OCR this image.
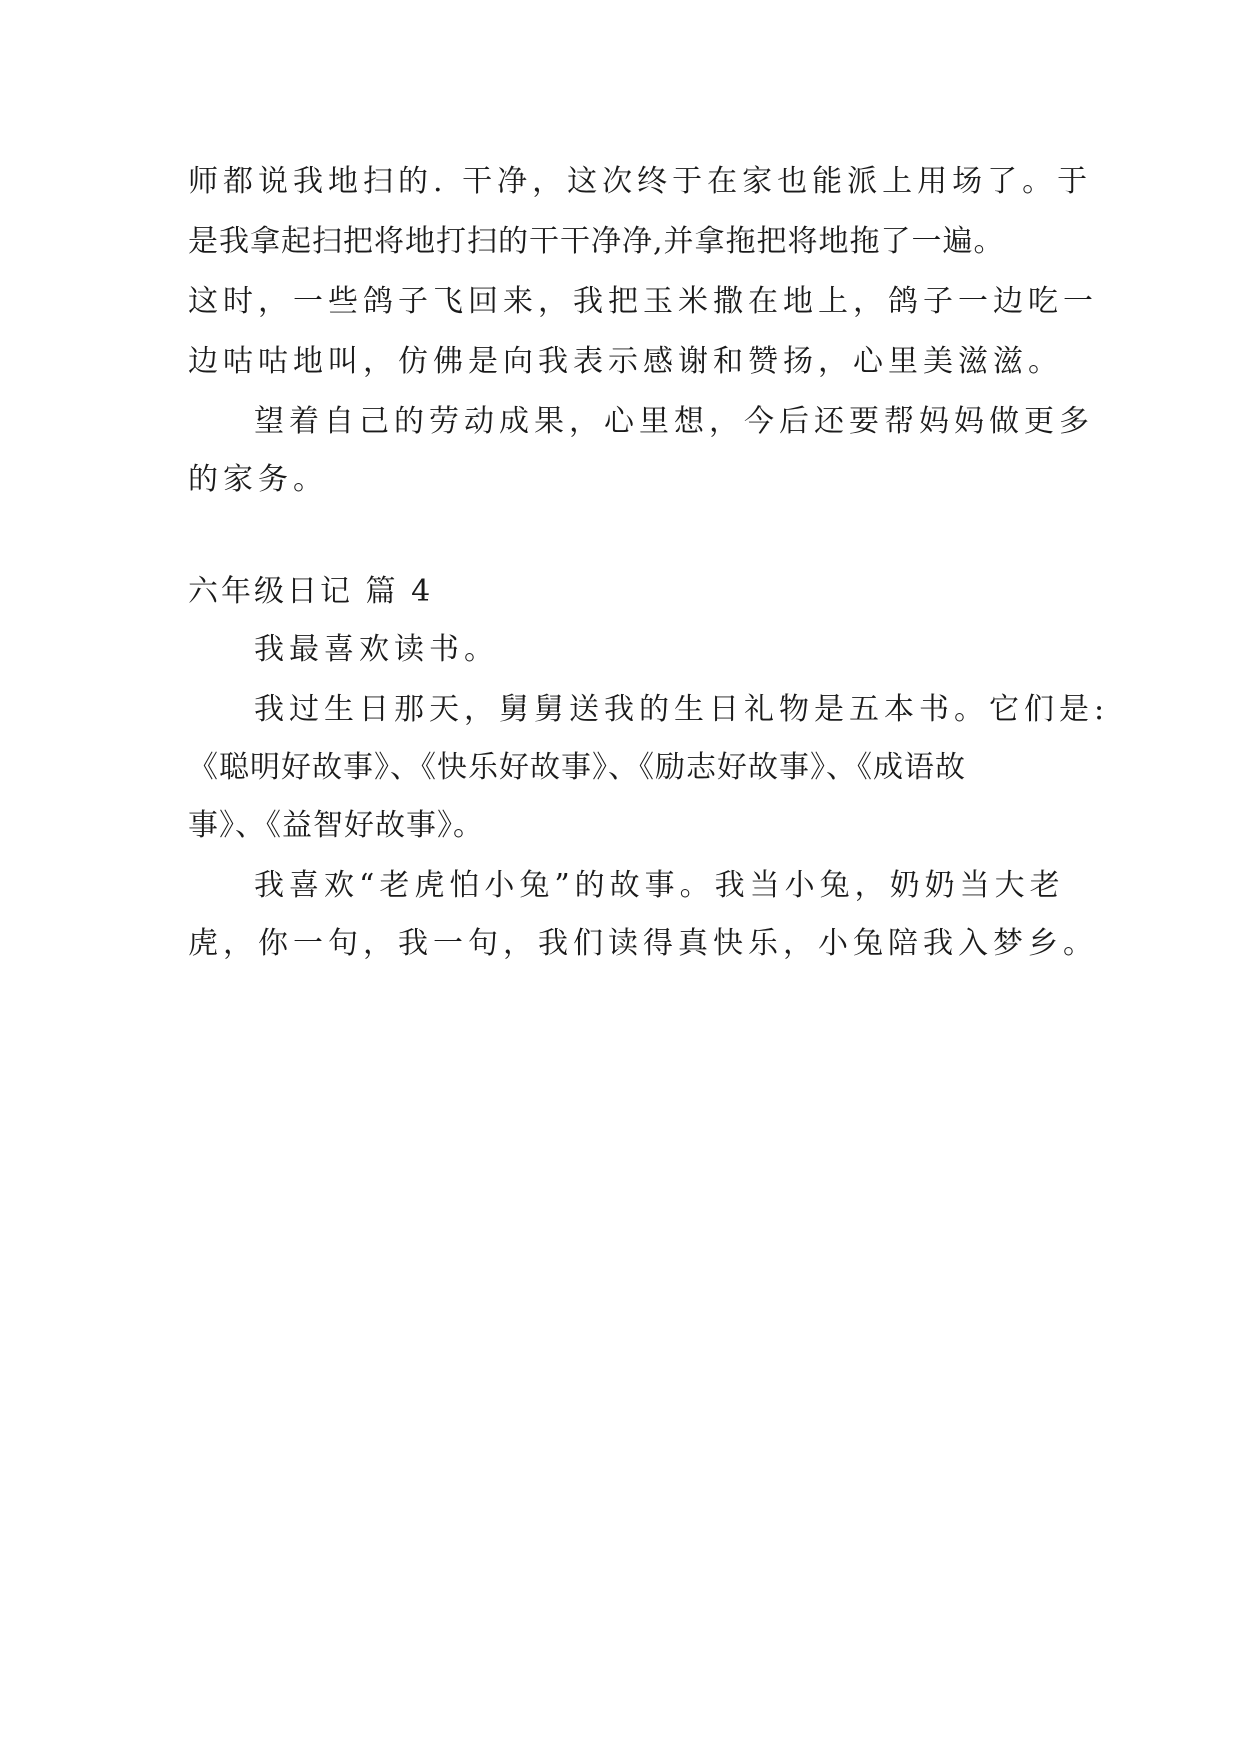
师都说我地扫的. 干净，这次终于在家也能派上用场了。于
是我拿起扫把将地打扫的干干净净,并拿拖把将地拖了一遍。
这时，一些鸽子飞回来，我把玉米撒在地上，鸽子一边吃一
边咕咕地叫，仿佛是向我表示感谢和赞扬，心里美滋滋。
望着自己的劳动成果，心里想，今后还要帮妈妈做更多
的家务。
六年级日记 篇 4
我最喜欢读书。
我过生日那天，舅舅送我的生日礼物是五本书。它们是:
《聪明好故事》、《快乐好故事》、《励志好故事》、《成语故
事》、《益智好故事》。
我喜欢“老虎怕小兔”的故事。我当小兔，奶奶当大老
虎，你一句，我一句，我们读得真快乐，小兔陪我入梦乡。
